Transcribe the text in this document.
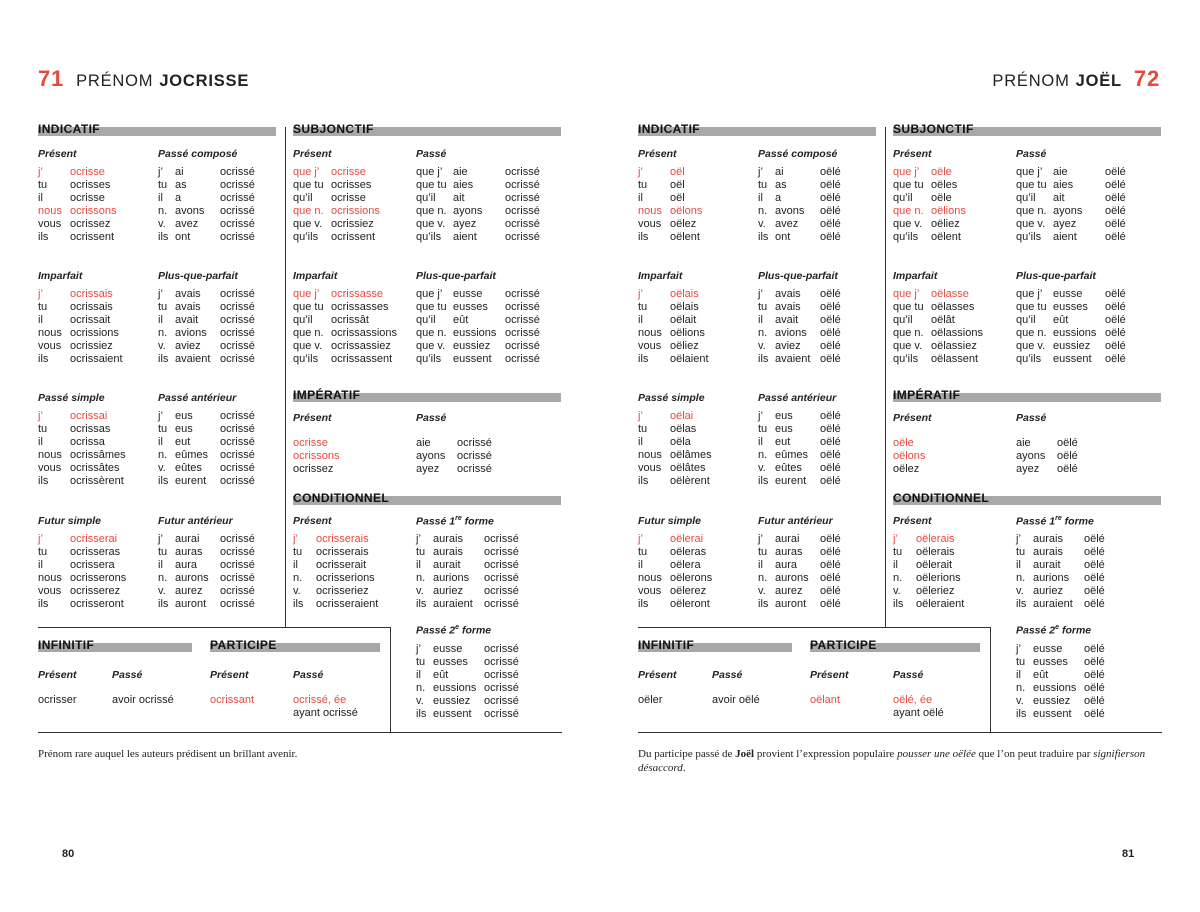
71 PRÉNOM JOCRISSE
INDICATIF
Présent	Passé composé
j’ ocrisse	j’ ai	ocrissé
tu ocrisses	tu as	ocrissé
il ocrisse	il a	ocrissé
nous ocrissons	n. avons ocrissé
vous ocrissez	v. avez ocrissé
ils ocrissent	ils ont	ocrissé
Imparfait	Plus-que-parfait
j’ ocrissais	j’ avais ocrissé
tu ocrissais	tu avais ocrissé
il ocrissait	il avait ocrissé
nous ocrissions	n. avions ocrissé
vous ocrissiez	v. aviez ocrissé
ils ocrissaient	ils avaient ocrissé
Passé simple	Passé antérieur
j’ ocrissai	j’ eus ocrissé
tu ocrissas	tu eus ocrissé
il ocrissa	il eut	ocrissé
nous ocrissâmes	n. eûmes ocrissé
vous ocrissâtes	v. eûtes ocrissé
ils ocrissèrent	ils eurent ocrissé
Futur simple	Futur antérieur
j’ ocrisserai	j’ aurai ocrissé
tu ocrisseras	tu auras ocrissé
il ocrissera	il aura ocrissé
nous ocrisserons	n. aurons ocrissé
vous ocrisserez	v. aurez ocrissé
ils ocrisseront	ils auront ocrissé
SUBJONCTIF
Présent	Passé
que j’ ocrisse	que j’ aie	ocrissé
que tu ocrisses	que tu aies	ocrissé
qu’il ocrisse	qu’il ait	ocrissé
que n. ocrissions	que n. ayons ocrissé
que v. ocrissiez	que v. ayez	ocrissé
qu’ils ocrissent	qu’ils aient	ocrissé
Imparfait	Plus-que-parfait
que j’ ocrissasse	que j’ eusse ocrissé
que tu ocrissasses	que tu eusses ocrissé
qu’il ocrissât	qu’il eût	ocrissé
que n. ocrissassions que n. eussions ocrissé
que v. ocrissassiez que v. eussiez ocrissé
qu’ils ocrissassent qu’ils eussent ocrissé
IMPÉRATIF
Présent	Passé
ocrisse	aie ocrissé
ocrissons	ayons ocrissé
ocrissez	ayez ocrissé
CONDITIONNEL
Présent	Passé 1re forme
j’ ocrisserais	j’ aurais ocrissé
tu ocrisserais	tu aurais ocrissé
il ocrisserait	il aurait ocrissé
n. ocrisserions	n. aurions ocrissé
v. ocrisseriez	v. auriez ocrissé
ils ocrisseraient	ils auraient ocrissé
Passé 2e forme
j’ eusse ocrissé
tu eusses ocrissé
il eût	ocrissé
n. eussions ocrissé
v. eussiez ocrissé
ils eussent ocrissé
INFINITIF
Présent	Passé
ocrisser	avoir ocrissé
PARTICIPE
Présent	Passé
ocrissant	ocrissé, ée
ayant ocrissé
Prénom rare auquel les auteurs prédisent un brillant avenir.
80
PRÉNOM JOËL 72
INDICATIF
Présent	Passé composé
j’ oël	j’ ai	oëlé
tu oël	tu as	oëlé
il oël	il a	oëlé
nous oëlons	n. avons oëlé
vous oëlez	v. avez oëlé
ils oëlent	ils ont	oëlé
Imparfait	Plus-que-parfait
j’ oëlais	j’ avais oëlé
tu oëlais	tu avais oëlé
il oëlait	il avait oëlé
nous oëlions	n. avions oëlé
vous oëliez	v. aviez oëlé
ils oëlaient	ils avaient oëlé
Passé simple	Passé antérieur
j’ oëlai	j’ eus oëlé
tu oëlas	tu eus oëlé
il oëla	il eut	oëlé
nous oëlâmes	n. eûmes oëlé
vous oëlâtes	v. eûtes oëlé
ils oëlèrent	ils eurent oëlé
Futur simple	Futur antérieur
j’ oëlerai	j’ aurai oëlé
tu oëleras	tu auras oëlé
il oëlera	il aura oëlé
nous oëlerons	n. aurons oëlé
vous oëlerez	v. aurez oëlé
ils oëleront	ils auront oëlé
SUBJONCTIF
Présent	Passé
que j’ oële	que j’ aie	oëlé
que tu oëles	que tu aies	oëlé
qu’il oële	qu’il ait	oëlé
que n. oëlions	que n. ayons oëlé
que v. oëliez	que v. ayez	oëlé
qu’ils oëlent	qu’ils aient	oëlé
Imparfait	Plus-que-parfait
que j’ oëlasse	que j’ eusse oëlé
que tu oëlasses	que tu eusses oëlé
qu’il oëlât	qu’il eût	oëlé
que n. oëlassions	que n. eussions oëlé
que v. oëlassiez	que v. eussiez oëlé
qu’ils oëlassent	qu’ils eussent oëlé
IMPÉRATIF
Présent	Passé
oële	aie oëlé
oëlons	ayons oëlé
oëlez	ayez oëlé
CONDITIONNEL
Présent	Passé 1re forme
j’ oëlerais	j’ aurais oëlé
tu oëlerais	tu aurais oëlé
il oëlerait	il aurait oëlé
n. oëlerions	n. aurions oëlé
v. oëleriez	v. auriez oëlé
ils oëleraient	ils auraient oëlé
Passé 2e forme
j’ eusse oëlé
tu eusses oëlé
il eût	oëlé
n. eussions oëlé
v. eussiez oëlé
ils eussent oëlé
INFINITIF
Présent	Passé
oëler	avoir oëlé
PARTICIPE
Présent	Passé
oëlant	oëlé, ée
ayant oëlé
Du participe passé de Joël provient l’expression populaire pousser une oëlée que l’on peut traduire par signifierson désaccord.
81
